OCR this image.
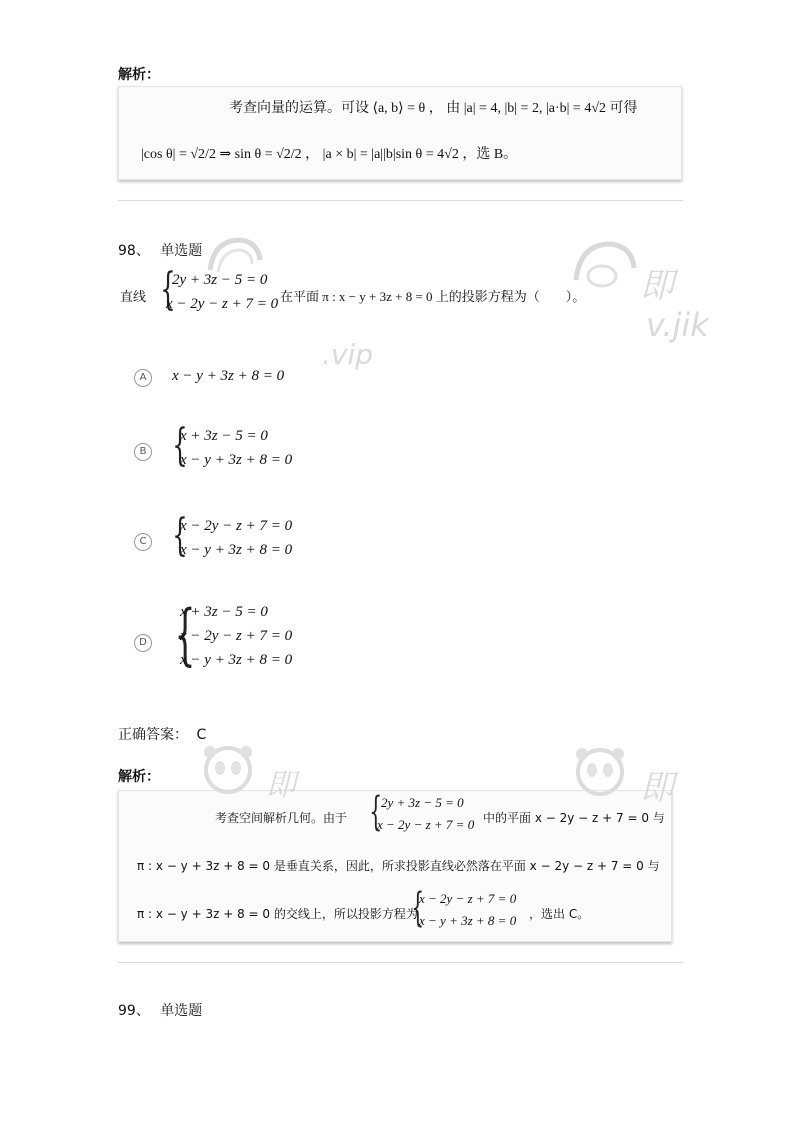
解析：
考查向量的运算。可设 ⟨a, b⟩ = θ ， 由 |a| = 4, |b| = 2, |a·b| = 4√2 可得
|cos θ| = √2/2 ⇒ sin θ = √2/2 ， |a × b| = |a||b|sin θ = 4√2 ，选 B。
98、 单选题
直线 {
2y + 3z − 5 = 0
x − 2y − z + 7 = 0 在平面 π : x − y + 3z + 8 = 0 上的投影方程为（　　）。
A	x − y + 3z + 8 = 0
B {
x + 3z − 5 = 0
x − y + 3z + 8 = 0
C {
x − 2y − z + 7 = 0
x − y + 3z + 8 = 0
D {
x + 3z − 5 = 0
x − 2y − z + 7 = 0
x − y + 3z + 8 = 0
正确答案： C
解析：
考查空间解析几何。由于 {
2y + 3z − 5 = 0
x − 2y − z + 7 = 0 中的平面 x − 2y − z + 7 = 0 与
π : x − y + 3z + 8 = 0 是垂直关系，因此，所求投影直线必然落在平面 x − 2y − z + 7 = 0 与
π : x − y + 3z + 8 = 0 的交线上，所以投影方程为
{
x − 2y − z + 7 = 0
x − y + 3z + 8 = 0 ，选出 C。
99、 单选题
即
v.jik
.vip
即	即
